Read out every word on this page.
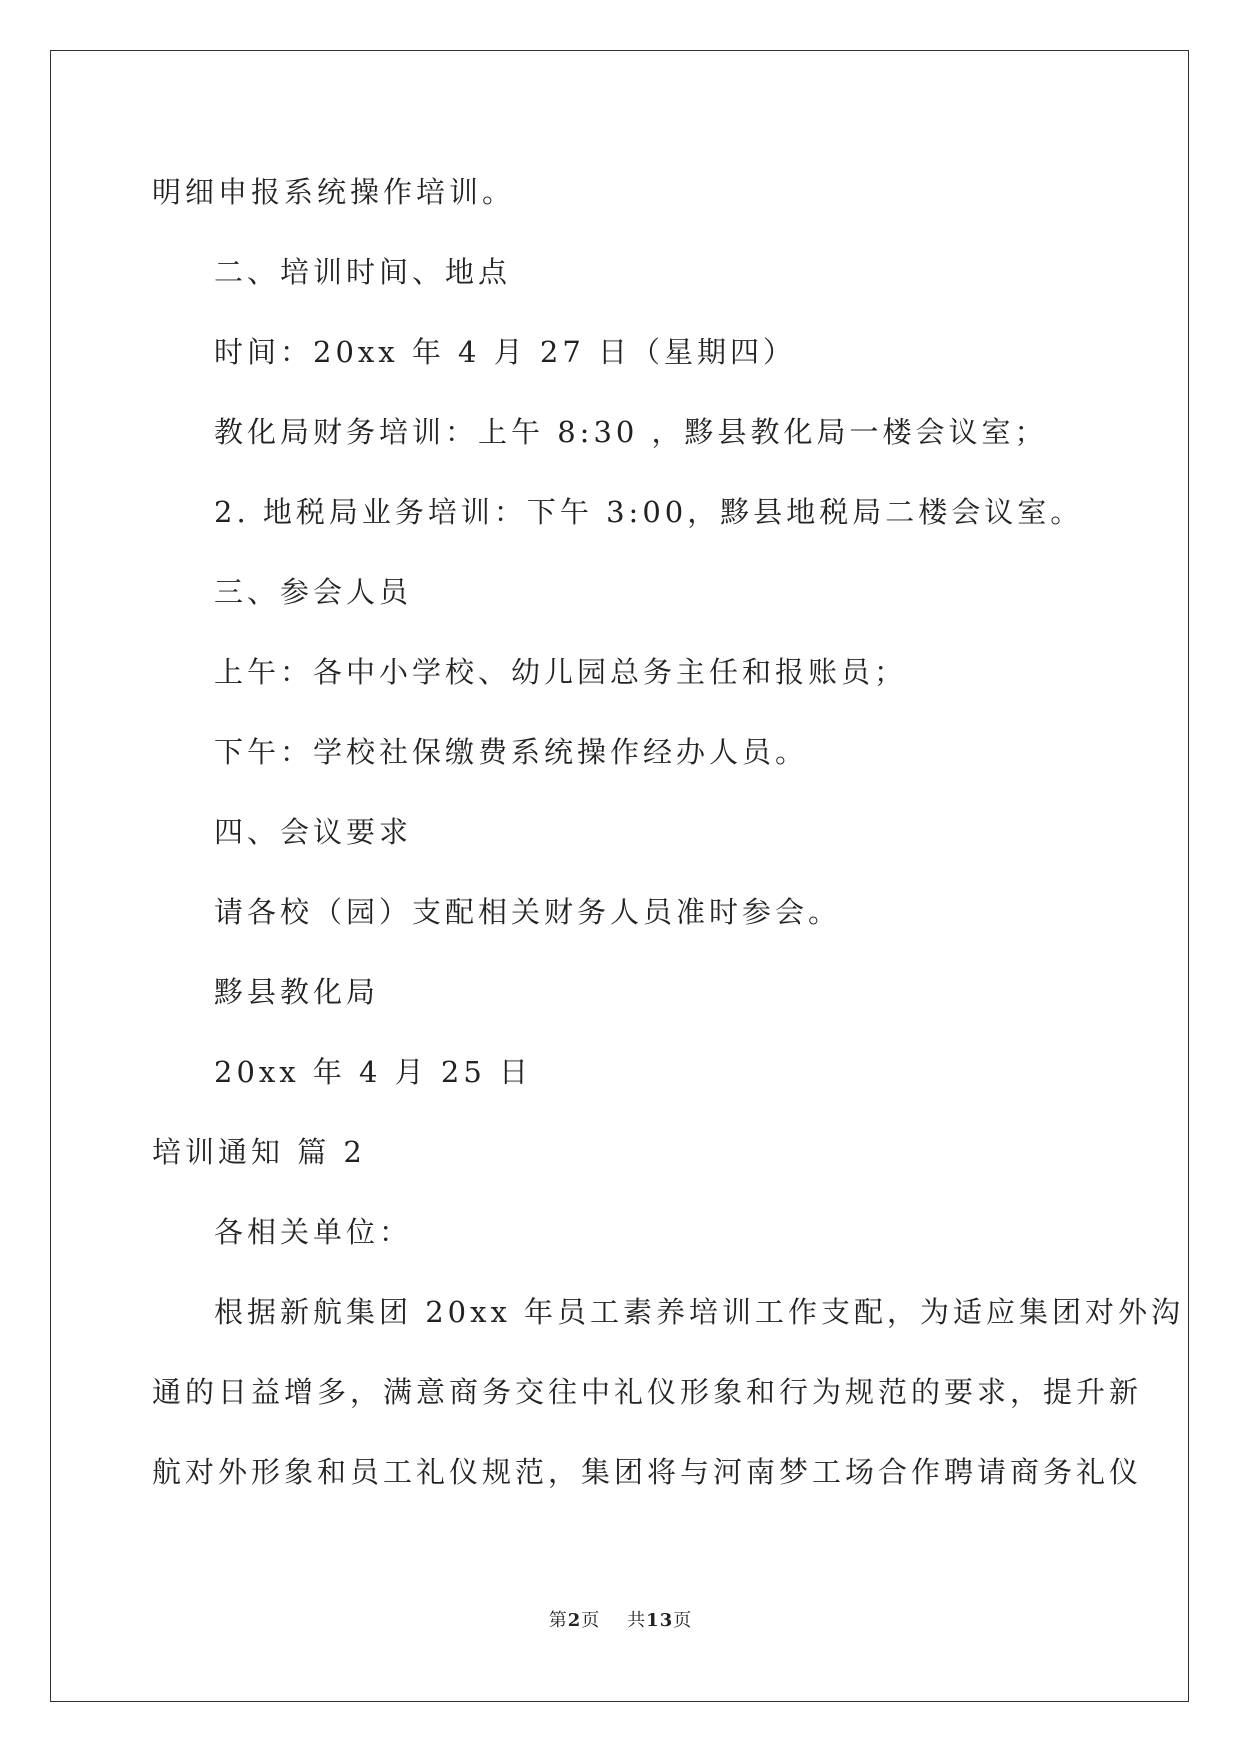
明细申报系统操作培训。
二、培训时间、地点
时间：20xx 年 4 月 27 日（星期四）
教化局财务培训：上午 8:30 ，黟县教化局一楼会议室；
2. 地税局业务培训：下午 3:00，黟县地税局二楼会议室。
三、参会人员
上午：各中小学校、幼儿园总务主任和报账员；
下午：学校社保缴费系统操作经办人员。
四、会议要求
请各校（园）支配相关财务人员准时参会。
黟县教化局
20xx 年 4 月 25 日
培训通知 篇 2
各相关单位：
根据新航集团 20xx 年员工素养培训工作支配，为适应集团对外沟
通的日益增多，满意商务交往中礼仪形象和行为规范的要求，提升新
航对外形象和员工礼仪规范，集团将与河南梦工场合作聘请商务礼仪
第2页    共13页
